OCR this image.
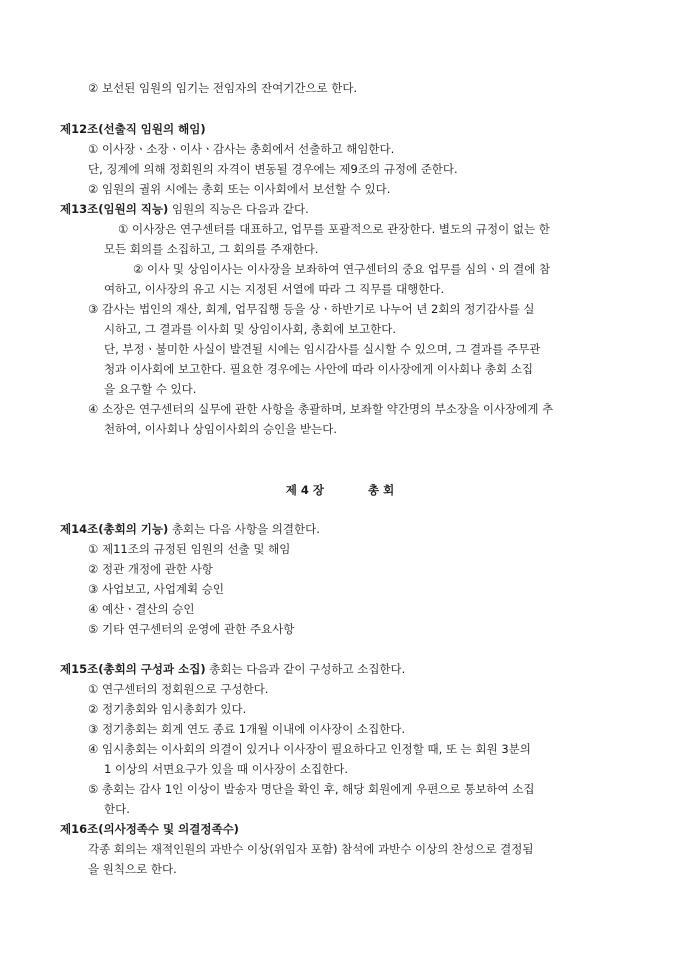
② 보선된 임원의 임기는 전임자의 잔여기간으로 한다.
제12조(선출직 임원의 해임)
① 이사장ㆍ소장ㆍ이사ㆍ감사는 총회에서 선출하고 해임한다.
단, 징계에 의해 정회원의 자격이 변동될 경우에는 제9조의 규정에 준한다.
② 임원의 궐위 시에는 총회 또는 이사회에서 보선할 수 있다.
제13조(임원의 직능) 임원의 직능은 다음과 같다.
① 이사장은 연구센터를 대표하고, 업무를 포괄적으로 관장한다. 별도의 규정이 없는 한
모든 회의를 소집하고, 그 회의를 주재한다.
② 이사 및 상임이사는 이사장을 보좌하여 연구센터의 중요 업무를 심의ㆍ의 결에 참
여하고, 이사장의 유고 시는 지정된 서열에 따라 그 직무를 대행한다.
③ 감사는 법인의 재산, 회계, 업무집행 등을 상ㆍ하반기로 나누어 년 2회의 정기감사를 실
시하고, 그 결과를 이사회 및 상임이사회, 총회에 보고한다.
단, 부정ㆍ불미한 사실이 발견될 시에는 임시감사를 실시할 수 있으며, 그 결과를 주무관
청과 이사회에 보고한다. 필요한 경우에는 사안에 따라 이사장에게 이사회나 총회 소집
을 요구할 수 있다.
④ 소장은 연구센터의 실무에 관한 사항을 총괄하며, 보좌할 약간명의 부소장을 이사장에게 추
천하여, 이사회나 상임이사회의 승인을 받는다.
제 4 장	총 회
제14조(총회의 기능) 총회는 다음 사항을 의결한다.
① 제11조의 규정된 임원의 선출 및 해임
② 정관 개정에 관한 사항
③ 사업보고, 사업계획 승인
④ 예산ㆍ결산의 승인
⑤ 기타 연구센터의 운영에 관한 주요사항
제15조(총회의 구성과 소집) 총회는 다음과 같이 구성하고 소집한다.
① 연구센터의 정회원으로 구성한다.
② 정기총회와 임시총회가 있다.
③ 정기총회는 회계 연도 종료 1개월 이내에 이사장이 소집한다.
④ 임시총회는 이사회의 의결이 있거나 이사장이 필요하다고 인정할 때, 또 는 회원 3분의
1 이상의 서면요구가 있을 때 이사장이 소집한다.
⑤ 총회는 감사 1인 이상이 발송자 명단을 확인 후, 해당 회원에게 우편으로 통보하여 소집
한다.
제16조(의사정족수 및 의결정족수)
각종 회의는 재적인원의 과반수 이상(위임자 포함) 참석에 과반수 이상의 찬성으로 결정됨
을 원칙으로 한다.
